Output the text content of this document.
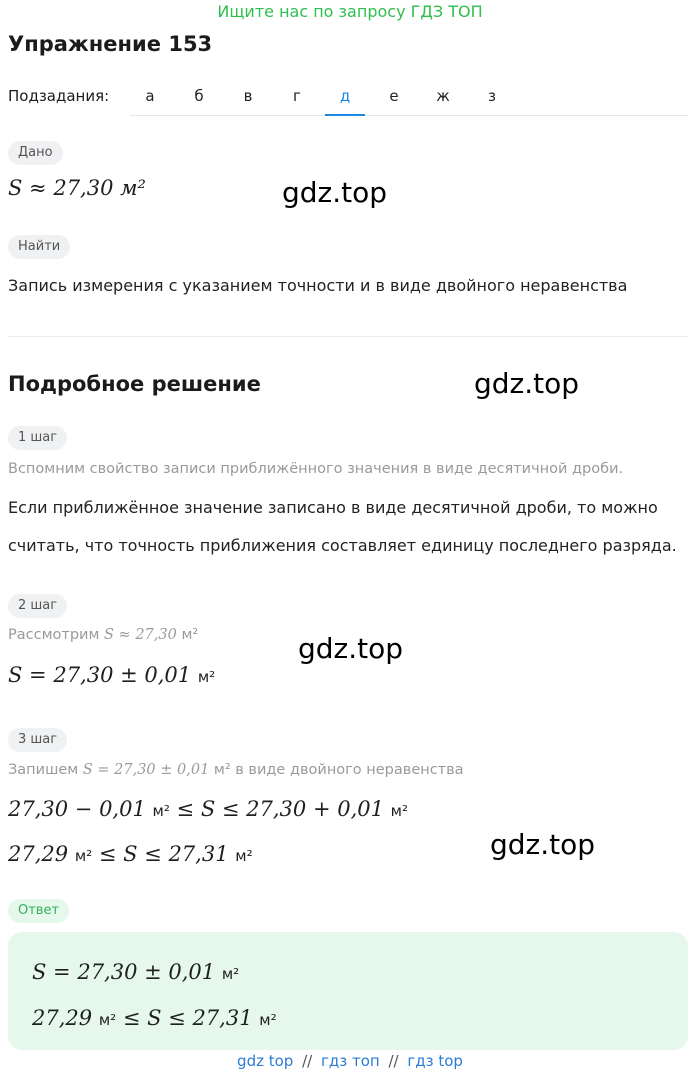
Ищите нас по запросу ГДЗ ТОП
Упражнение 153
Подзадания:	а	б	в	г	д	е	ж	з
Дано
S ≈ 27,30 м²
Найти
Запись измерения с указанием точности и в виде двойного неравенства
Подробное решение
1 шаг
Вспомним свойство записи приближённого значения в виде десятичной дроби.
Если приближённое значение записано в виде десятичной дроби, то можно считать, что точность приближения составляет единицу последнего разряда.
2 шаг
Рассмотрим S ≈ 27,30 м²
S = 27,30 ± 0,01 м²
3 шаг
Запишем S = 27,30 ± 0,01 м² в виде двойного неравенства
27,30 − 0,01 м² ≤ S ≤ 27,30 + 0,01 м²
27,29 м² ≤ S ≤ 27,31 м²
Ответ
S = 27,30 ± 0,01 м²
27,29 м² ≤ S ≤ 27,31 м²
gdz.top
gdz.top
gdz.top
gdz.top
gdz top // гдз топ // гдз top
